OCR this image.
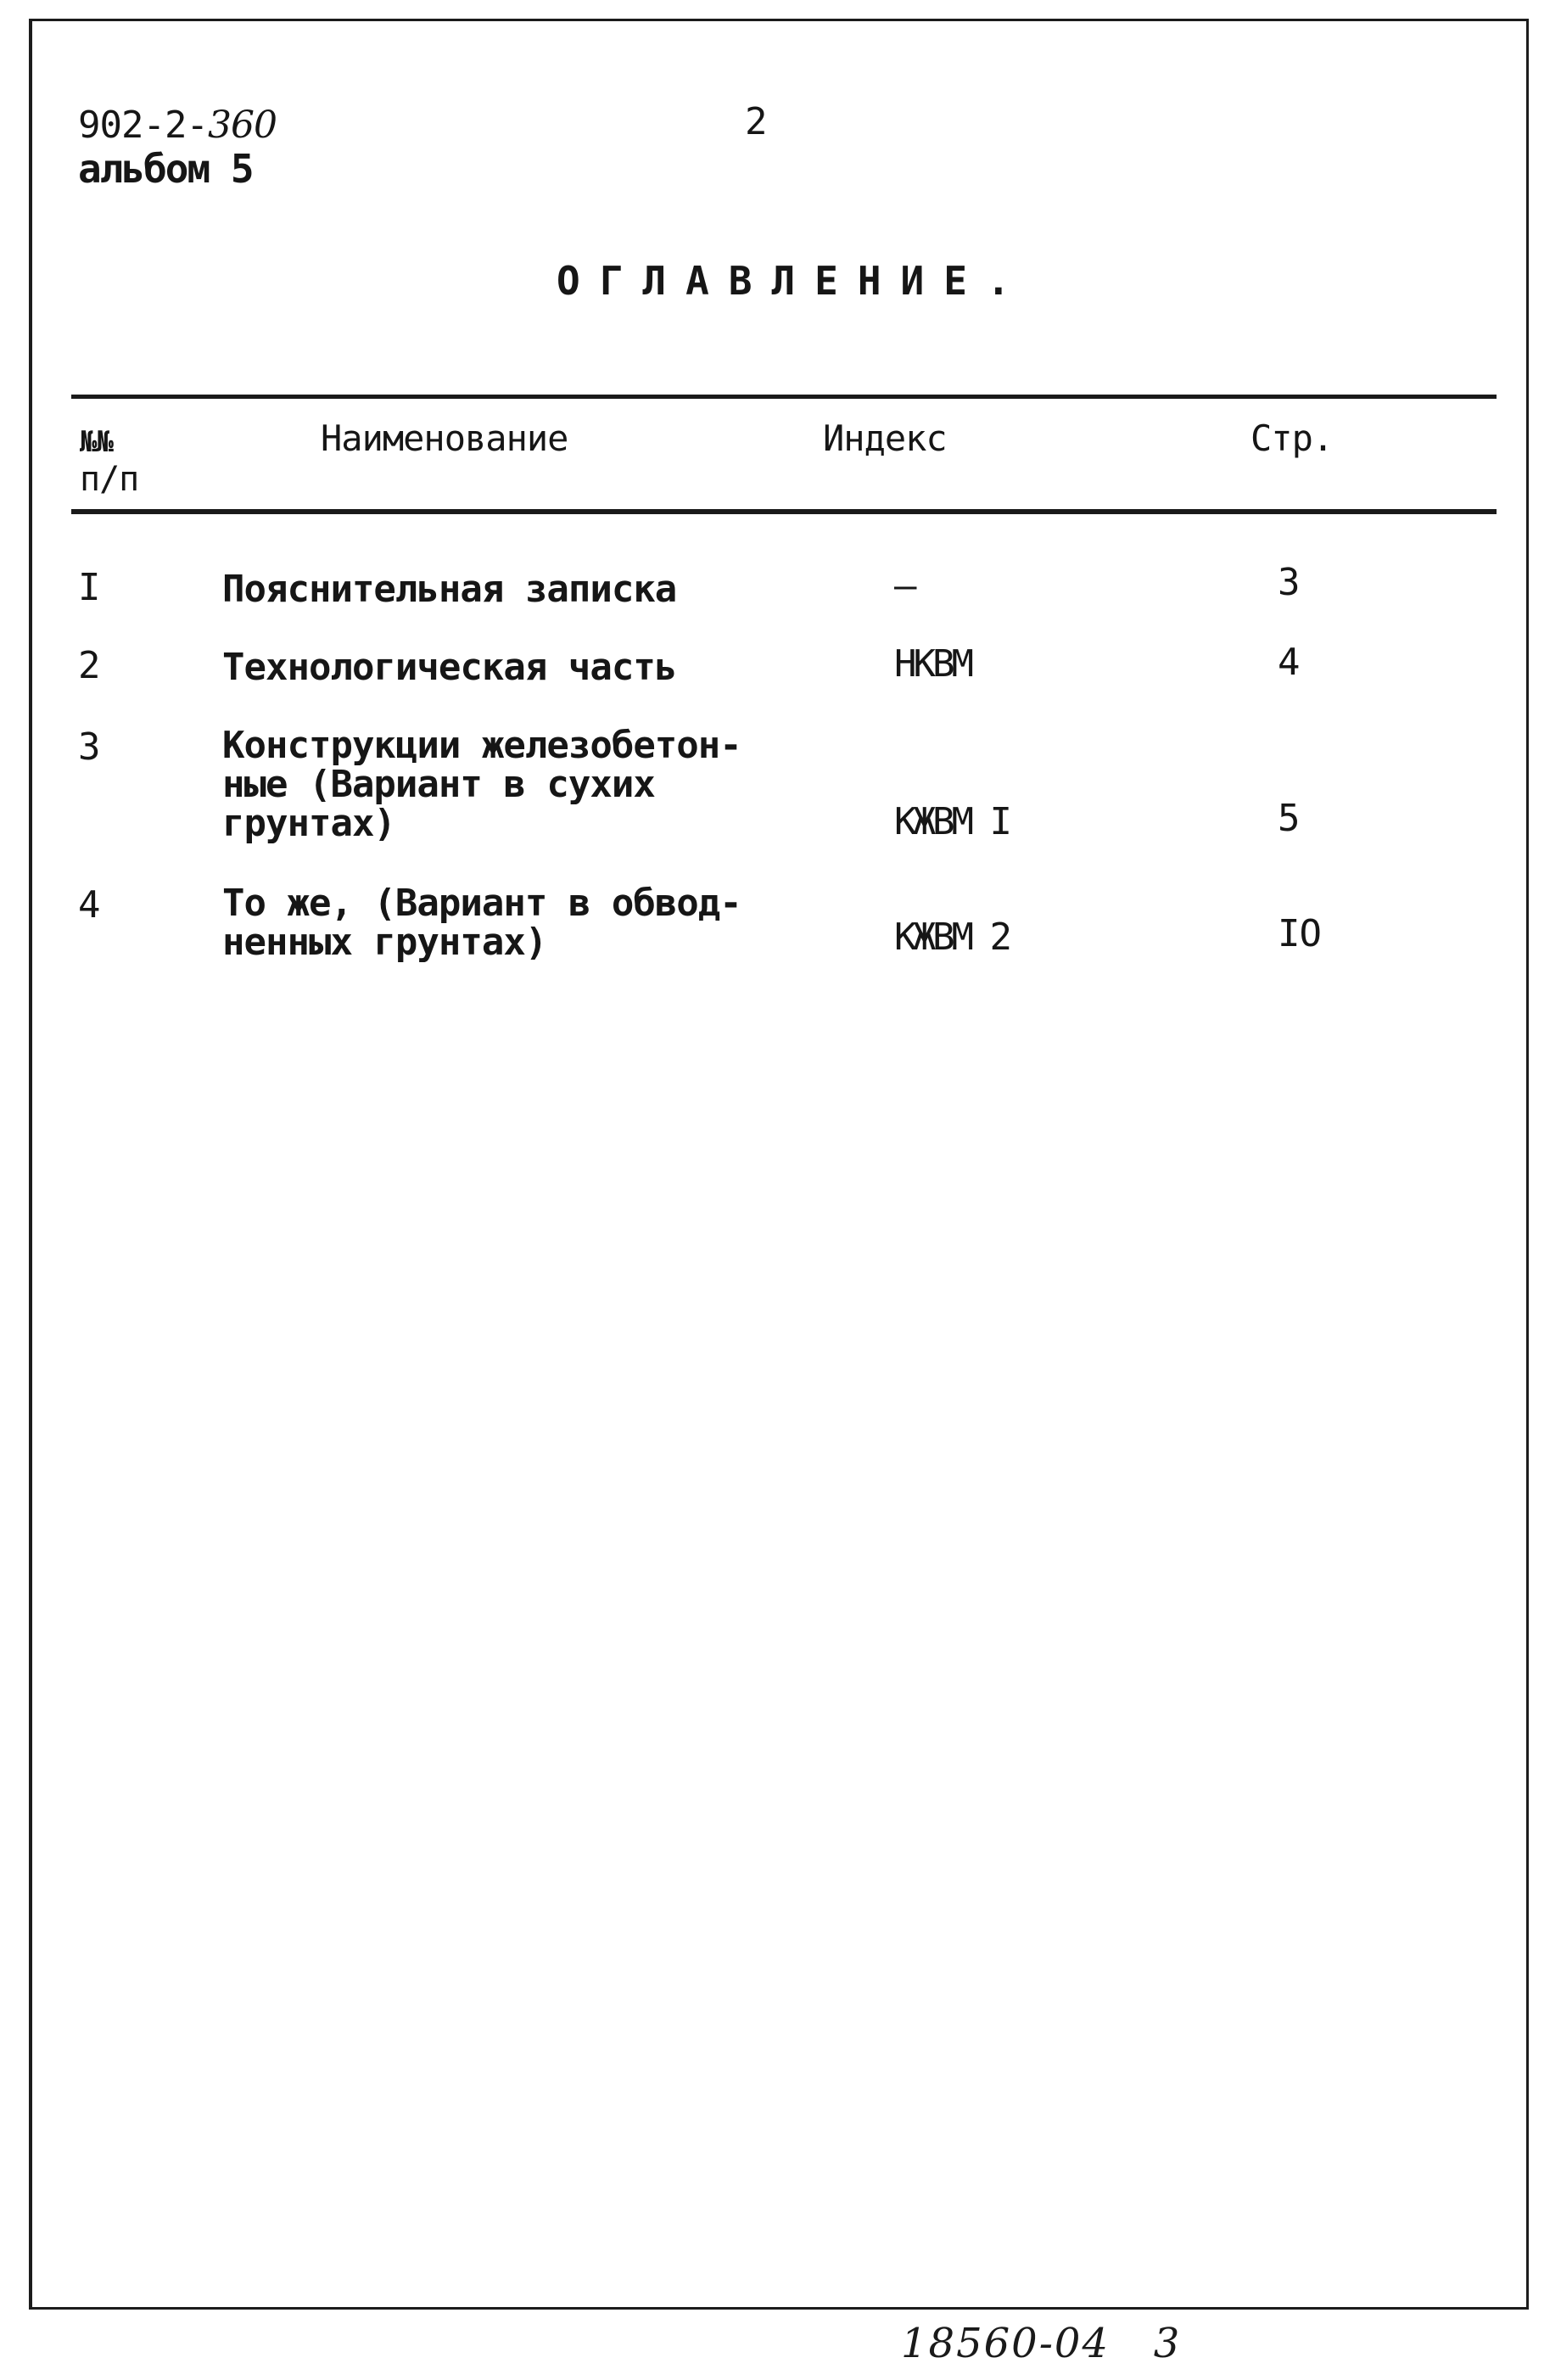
902-2-360
альбом 5
2
ОГЛАВЛЕНИЕ.
№№
п/п
Наименование	Индекс	Стр.
I	Пояснительная записка	–	3
2	Технологическая часть	НКВМ	4
3	Конструкции железобетон-
ные (Вариант в сухих
грунтах)	КЖВМ I	5
4	То же, (Вариант в обвод-
ненных грунтах)	КЖВМ 2	IO
18560-04 3
